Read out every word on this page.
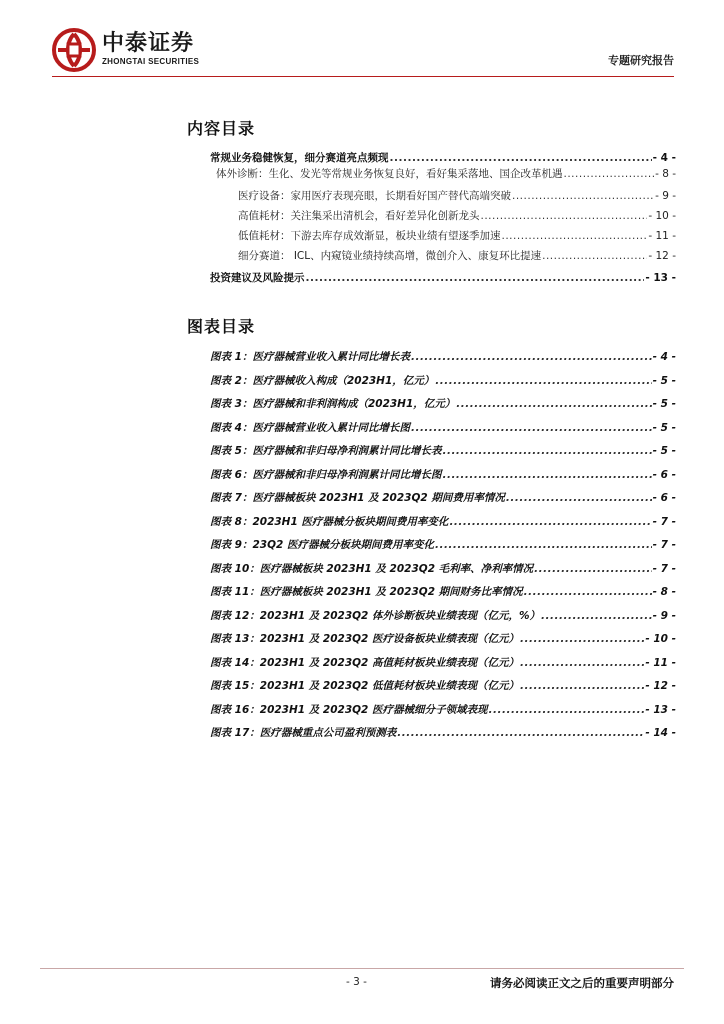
中泰证券
ZHONGTAI SECURITIES	专题研究报告
内容目录
常规业务稳健恢复，细分赛道亮点频现 .....	- 4 -
体外诊断：生化、发光等常规业务恢复良好，看好集采落地、国企改革机遇 .....	- 8 -
医疗设备：家用医疗表现亮眼，长期看好国产替代高端突破 .....	- 9 -
高值耗材：关注集采出清机会，看好差异化创新龙头 .....	- 10 -
低值耗材：下游去库存成效渐显，板块业绩有望逐季加速 .....	- 11 -
细分赛道： ICL、内窥镜业绩持续高增，微创介入、康复环比提速 .....	- 12 -
投资建议及风险提示 .....	- 13 -
图表目录
图表 1：医疗器械营业收入累计同比增长表 .....	- 4 -
图表 2：医疗器械收入构成（2023H1，亿元） .....	- 5 -
图表 3：医疗器械和非利润构成（2023H1，亿元） .....	- 5 -
图表 4：医疗器械营业收入累计同比增长图 .....	- 5 -
图表 5：医疗器械和非归母净利润累计同比增长表 .....	- 5 -
图表 6：医疗器械和非归母净利润累计同比增长图 .....	- 6 -
图表 7：医疗器械板块 2023H1 及 2023Q2 期间费用率情况 .....	- 6 -
图表 8：2023H1 医疗器械分板块期间费用率变化 .....	- 7 -
图表 9：23Q2 医疗器械分板块期间费用率变化 .....	- 7 -
图表 10：医疗器械板块 2023H1 及 2023Q2 毛利率、净利率情况 .....	- 7 -
图表 11：医疗器械板块 2023H1 及 2023Q2 期间财务比率情况 .....	- 8 -
图表 12：2023H1 及 2023Q2 体外诊断板块业绩表现（亿元，%） .....	- 9 -
图表 13：2023H1 及 2023Q2 医疗设备板块业绩表现（亿元） .....	- 10 -
图表 14：2023H1 及 2023Q2 高值耗材板块业绩表现（亿元） .....	- 11 -
图表 15：2023H1 及 2023Q2 低值耗材板块业绩表现（亿元） .....	- 12 -
图表 16：2023H1 及 2023Q2 医疗器械细分子领域表现 .....	- 13 -
图表 17：医疗器械重点公司盈利预测表 .....	- 14 -
- 3 -	请务必阅读正文之后的重要声明部分
